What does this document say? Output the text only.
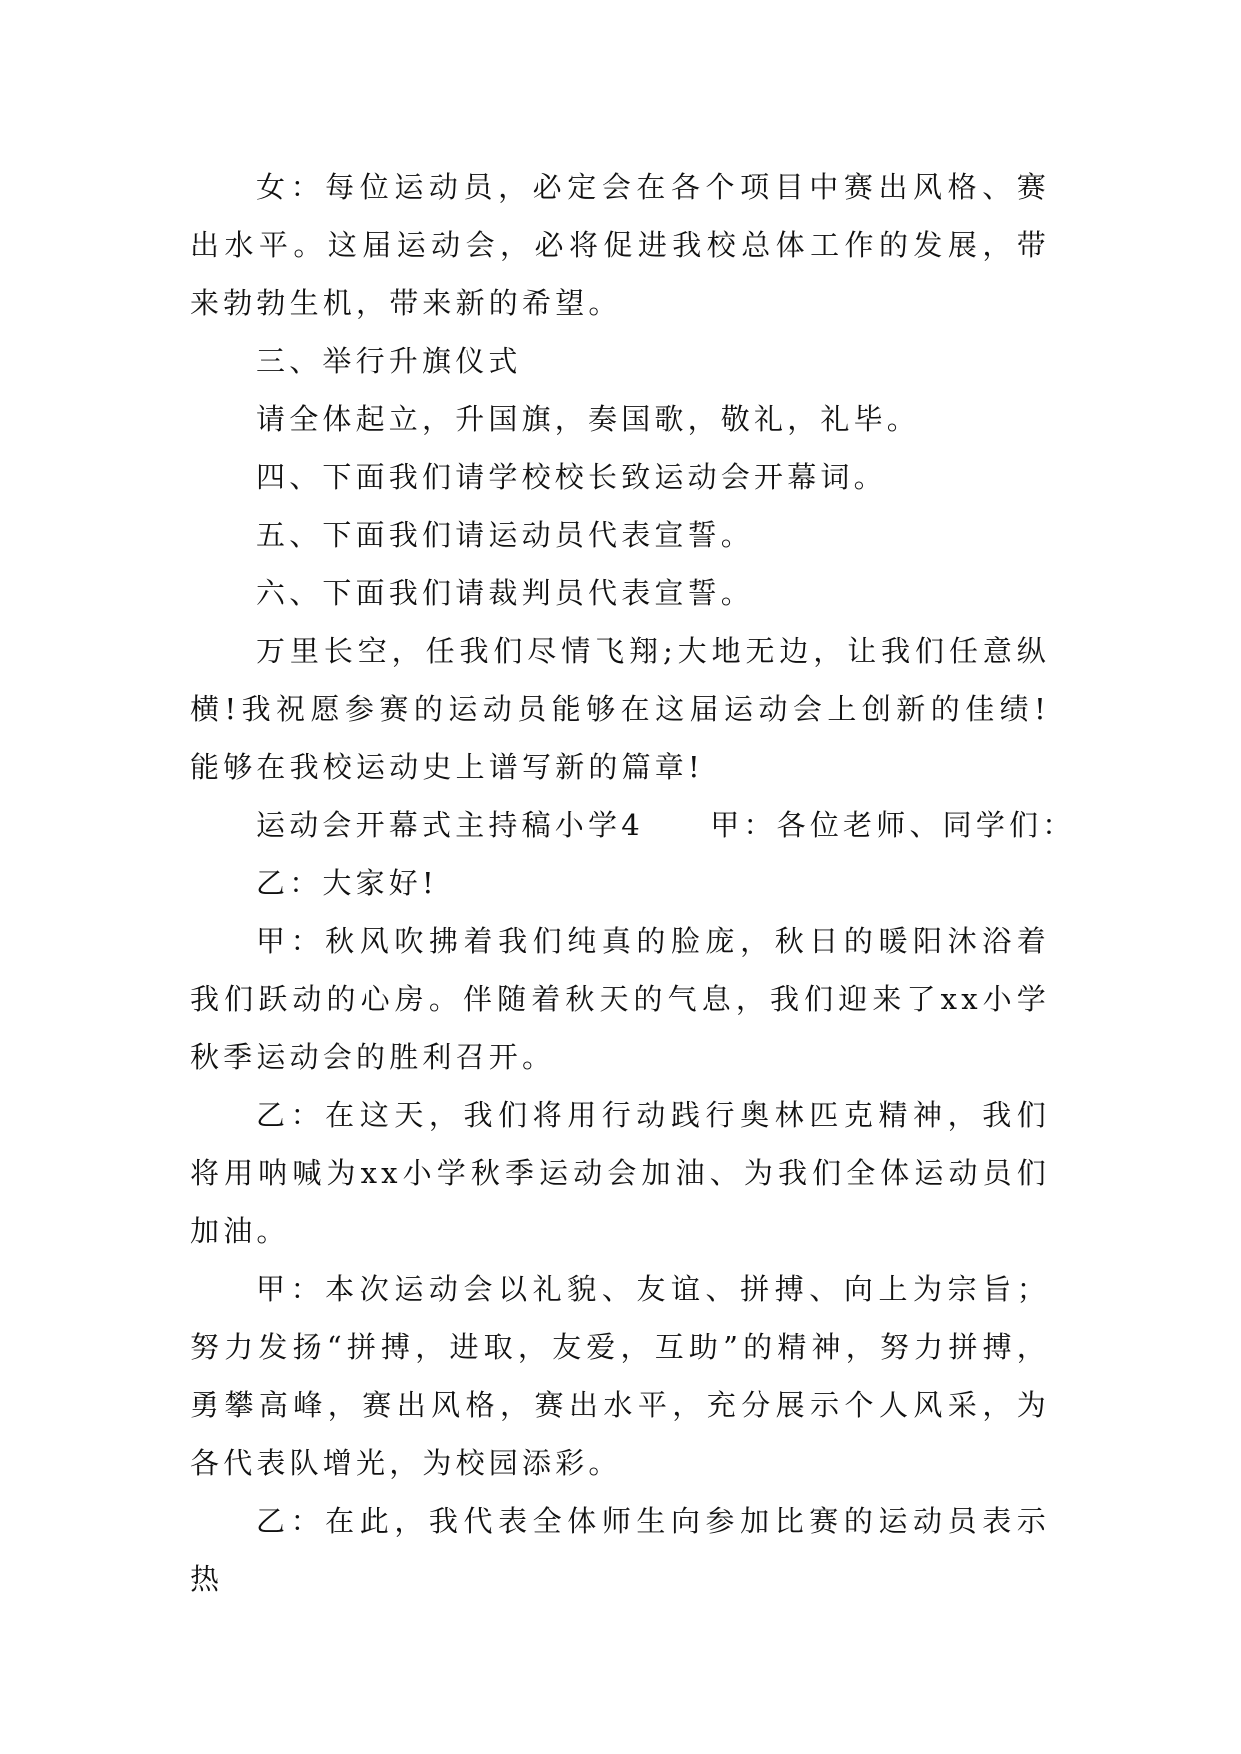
女：每位运动员，必定会在各个项目中赛出风格、赛出水平。这届运动会，必将促进我校总体工作的发展，带来勃勃生机，带来新的希望。

三、举行升旗仪式

请全体起立，升国旗，奏国歌，敬礼，礼毕。

四、下面我们请学校校长致运动会开幕词。

五、下面我们请运动员代表宣誓。

六、下面我们请裁判员代表宣誓。

万里长空，任我们尽情飞翔;大地无边，让我们任意纵横!我祝愿参赛的运动员能够在这届运动会上创新的佳绩!能够在我校运动史上谱写新的篇章!

运动会开幕式主持稿小学4　　甲：各位老师、同学们：

乙：大家好!

甲：秋风吹拂着我们纯真的脸庞，秋日的暖阳沐浴着我们跃动的心房。伴随着秋天的气息，我们迎来了xx小学秋季运动会的胜利召开。

乙：在这天，我们将用行动践行奥林匹克精神，我们将用呐喊为xx小学秋季运动会加油、为我们全体运动员们加油。

甲：本次运动会以礼貌、友谊、拼搏、向上为宗旨；努力发扬“拼搏，进取，友爱，互助”的精神，努力拼搏，勇攀高峰，赛出风格，赛出水平，充分展示个人风采，为各代表队增光，为校园添彩。

乙：在此，我代表全体师生向参加比赛的运动员表示热
